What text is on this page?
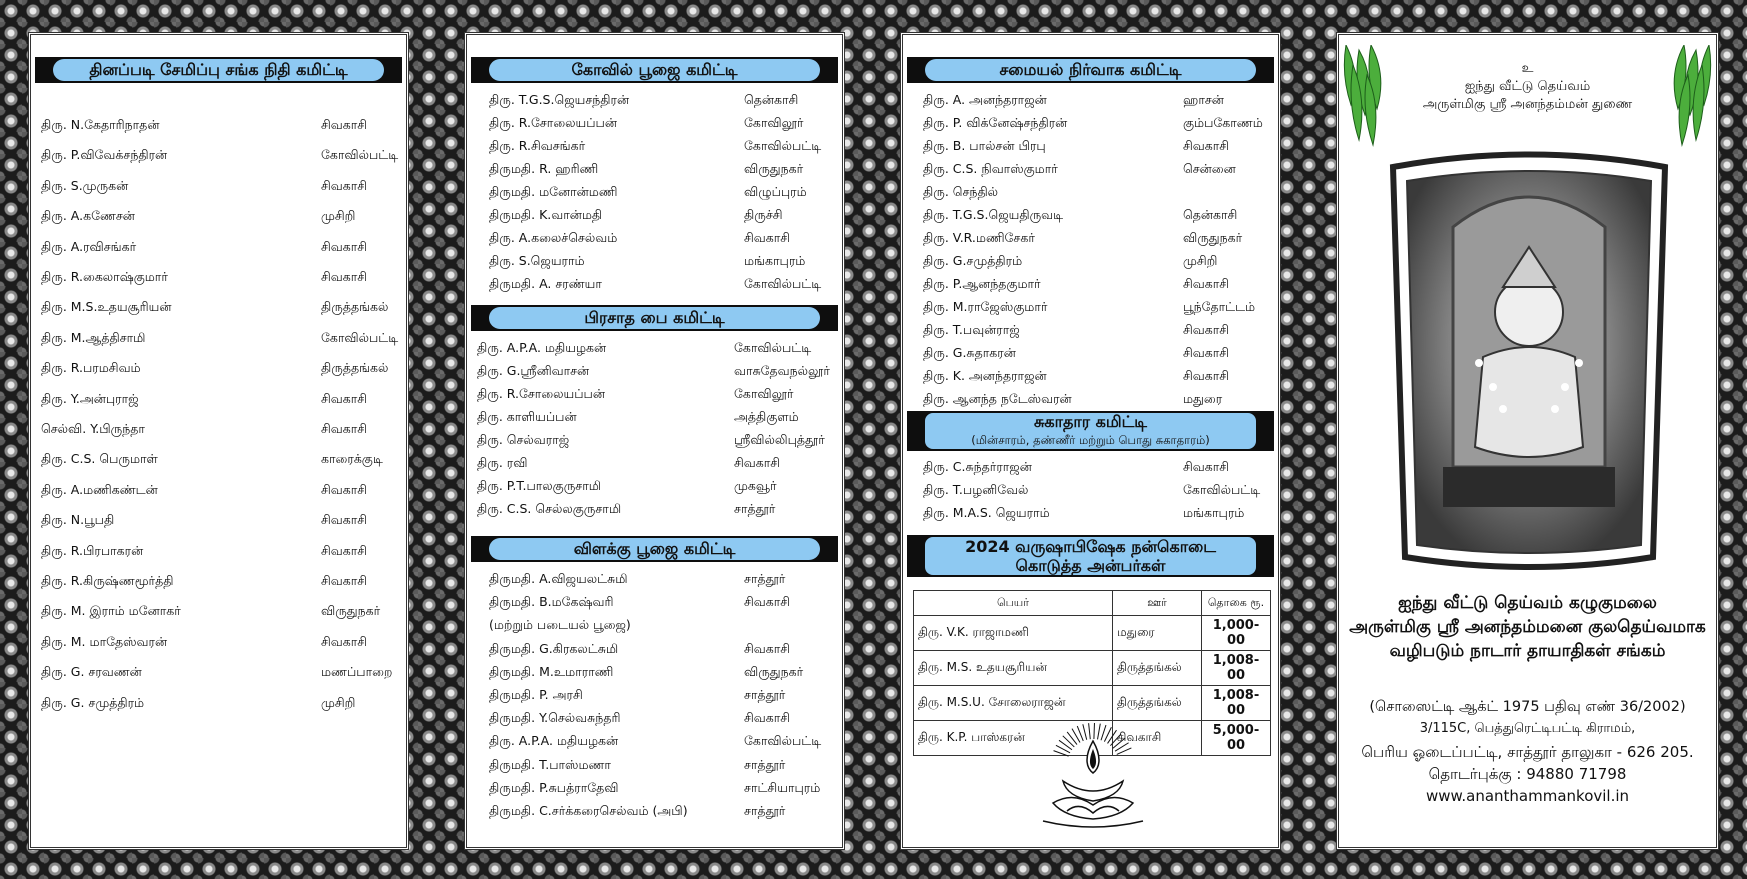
தினப்படி சேமிப்பு சங்க நிதி கமிட்டி
திரு. N.கேதாரிநாதன்	சிவகாசி
திரு. P.விவேக்சந்திரன்	கோவில்பட்டி
திரு. S.முருகன்	சிவகாசி
திரு. A.கணேசன்	முசிறி
திரு. A.ரவிசங்கர்	சிவகாசி
திரு. R.கைலாஷ்குமார்	சிவகாசி
திரு. M.S.உதயசூரியன்	திருத்தங்கல்
திரு. M.ஆத்திசாமி	கோவில்பட்டி
திரு. R.பரமசிவம்	திருத்தங்கல்
திரு. Y.அன்புராஜ்	சிவகாசி
செல்வி. Y.பிருந்தா	சிவகாசி
திரு. C.S. பெருமாள்	காரைக்குடி
திரு. A.மணிகண்டன்	சிவகாசி
திரு. N.பூபதி	சிவகாசி
திரு. R.பிரபாகரன்	சிவகாசி
திரு. R.கிருஷ்ணமூர்த்தி	சிவகாசி
திரு. M. இராம் மனோகர்	விருதுநகர்
திரு. M. மாதேஸ்வரன்	சிவகாசி
திரு. G. சரவணன்	மணப்பாறை
திரு. G. சமுத்திரம்	முசிறி
கோவில் பூஜை கமிட்டி
திரு. T.G.S.ஜெயசந்திரன்	தென்காசி
திரு. R.சோலையப்பன்	கோவிலூர்
திரு. R.சிவசங்கர்	கோவில்பட்டி
திருமதி. R. ஹரிணி	விருதுநகர்
திருமதி. மனோன்மணி	விழுப்புரம்
திருமதி. K.வான்மதி	திருச்சி
திரு. A.கலைச்செல்வம்	சிவகாசி
திரு. S.ஜெயராம்	மங்காபுரம்
திருமதி. A. சரண்யா	கோவில்பட்டி
பிரசாத பை கமிட்டி
திரு. A.P.A. மதியழகன்	கோவில்பட்டி
திரு. G.ஸ்ரீனிவாசன்	வாசுதேவநல்லூர்
திரு. R.சோலையப்பன்	கோவிலூர்
திரு. காளியப்பன்	அத்திகுளம்
திரு. செல்வராஜ்	ஸ்ரீவில்லிபுத்தூர்
திரு. ரவி	சிவகாசி
திரு. P.T.பாலகுருசாமி	முகவூர்
திரு. C.S. செல்லகுருசாமி	சாத்தூர்
விளக்கு பூஜை கமிட்டி
திருமதி. A.விஜயலட்சுமி	சாத்தூர்
திருமதி. B.மகேஷ்வரி	சிவகாசி
(மற்றும் படையல் பூஜை)
திருமதி. G.கிரகலட்சுமி	சிவகாசி
திருமதி. M.உமாராணி	விருதுநகர்
திருமதி. P. அரசி	சாத்தூர்
திருமதி. Y.செல்வசுந்தரி	சிவகாசி
திரு. A.P.A. மதியழகன்	கோவில்பட்டி
திருமதி. T.பாஸ்மணா	சாத்தூர்
திருமதி. P.சுபத்ராதேவி	சாட்சியாபுரம்
திருமதி. C.சர்க்கரைசெல்வம் (அபி)	சாத்தூர்
சமையல் நிர்வாக கமிட்டி
திரு. A. அனந்தராஜன்	ஹாசன்
திரு. P. விக்னேஷ்சந்திரன்	கும்பகோணம்
திரு. B. பால்சன் பிரபு	சிவகாசி
திரு. C.S. நிவாஸ்குமார்	சென்னை
திரு. செந்தில்
திரு. T.G.S.ஜெயதிருவடி	தென்காசி
திரு. V.R.மணிசேகர்	விருதுநகர்
திரு. G.சமுத்திரம்	முசிறி
திரு. P.ஆனந்தகுமார்	சிவகாசி
திரு. M.ராஜேஸ்குமார்	பூந்தோட்டம்
திரு. T.பவுன்ராஜ்	சிவகாசி
திரு. G.சுதாகரன்	சிவகாசி
திரு. K. அனந்தராஜன்	சிவகாசி
திரு. ஆனந்த நடேஸ்வரன்	மதுரை
சுகாதார கமிட்டி
(மின்சாரம், தண்ணீர் மற்றும் பொது சுகாதாரம்)
திரு. C.சுந்தர்ராஜன்	சிவகாசி
திரு. T.பழனிவேல்	கோவில்பட்டி
திரு. M.A.S. ஜெயராம்	மங்காபுரம்
2024 வருஷாபிஷேக நன்கொடை
கொடுத்த அன்பர்கள்
பெயர்	ஊர்	தொகை ரூ.
திரு. V.K. ராஜாமணி	மதுரை	1,000-00
திரு. M.S. உதயசூரியன்	திருத்தங்கல்	1,008-00
திரு. M.S.U. சோலைராஜன்	திருத்தங்கல்	1,008-00
திரு. K.P. பாஸ்கரன்	சிவகாசி	5,000-00
உ
ஐந்து வீட்டு தெய்வம்
அருள்மிகு ஸ்ரீ அனந்தம்மன் துணை
ஐந்து வீட்டு தெய்வம் கழுகுமலை
அருள்மிகு ஸ்ரீ அனந்தம்மனை குலதெய்வமாக
வழிபடும் நாடார் தாயாதிகள் சங்கம்
(சொஸைட்டி ஆக்ட் 1975 பதிவு எண் 36/2002)
3/115C, பெத்துரெட்டிபட்டி கிராமம்,
பெரிய ஓடைப்பட்டி, சாத்தூர் தாலுகா - 626 205.
தொடர்புக்கு : 94880 71798
www.ananthammankovil.in
